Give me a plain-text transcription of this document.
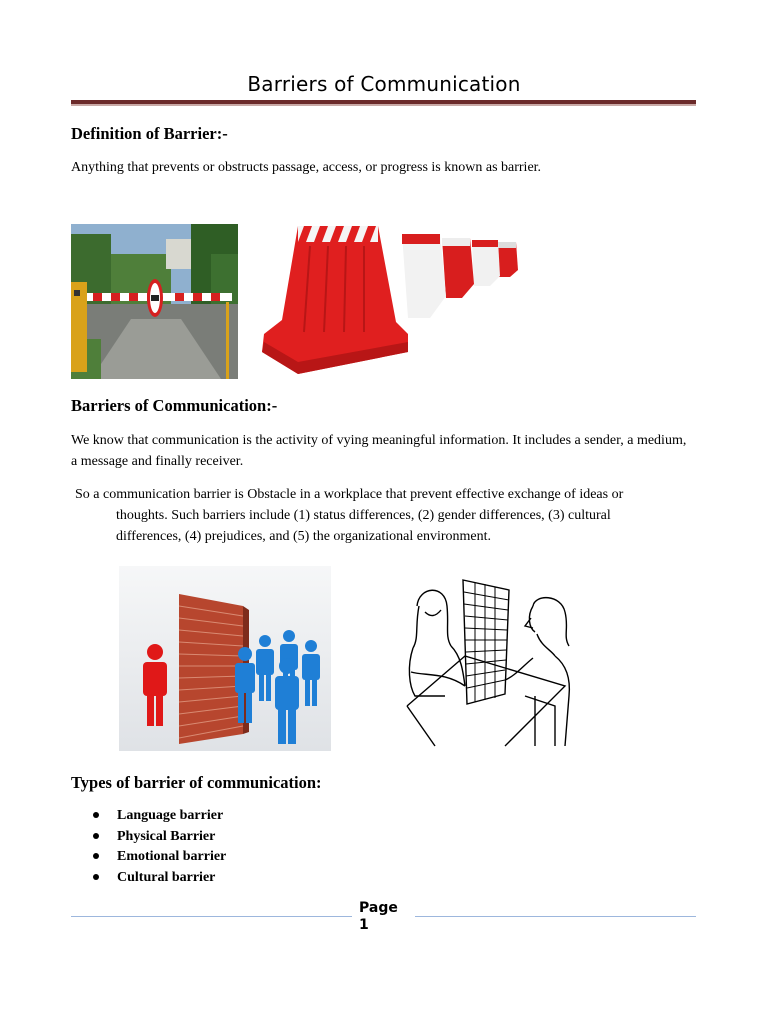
Barriers of Communication
Definition of Barrier:-
Anything that prevents or obstructs passage, access, or progress is known as barrier.
Barriers of Communication:-
We know that communication is the activity of vying meaningful information. It includes a sender, a medium, a message and finally receiver.
So a communication barrier is Obstacle in a workplace that prevent effective exchange of ideas or
thoughts. Such barriers include (1) status differences, (2) gender differences, (3) cultural differences, (4) prejudices, and (5) the organizational environment.
Types of barrier of communication:
Language barrier
Physical Barrier
Emotional barrier
Cultural barrier
Page
1
